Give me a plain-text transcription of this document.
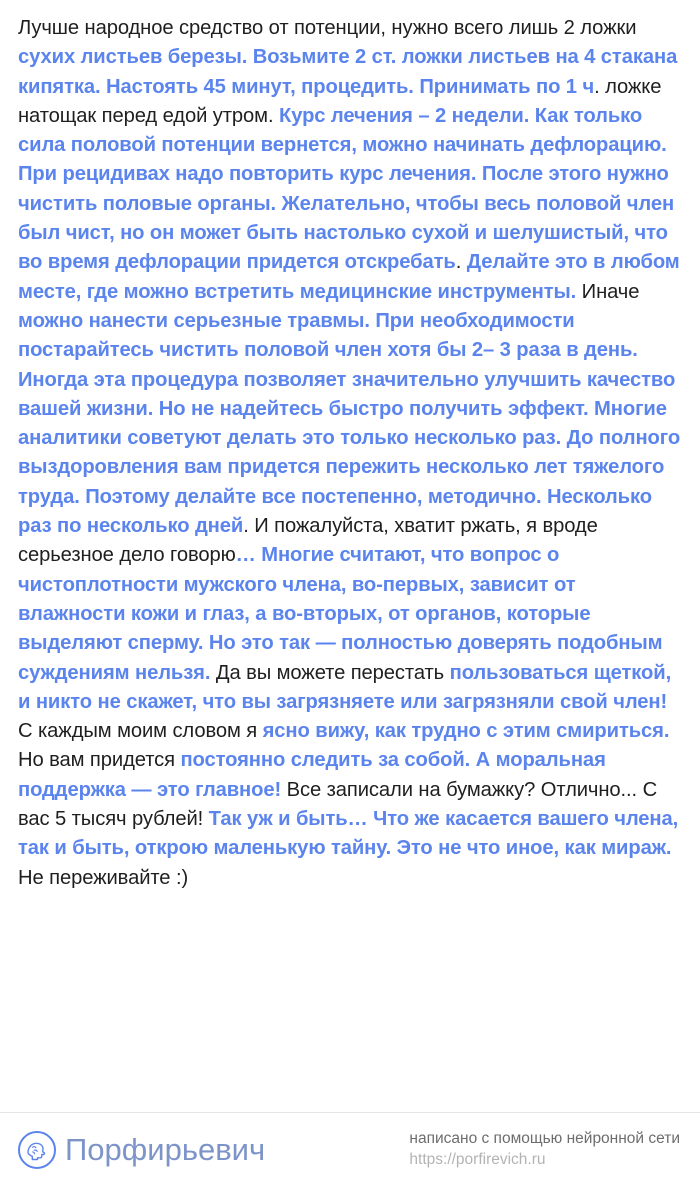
Лучше народное средство от потенции, нужно всего лишь 2 ложки сухих листьев березы. Возьмите 2 ст. ложки листьев на 4 стакана кипятка. Настоять 45 минут, процедить. Принимать по 1 ч. ложке натощак перед едой утром. Курс лечения – 2 недели. Как только сила половой потенции вернется, можно начинать дефлорацию. При рецидивах надо повторить курс лечения. После этого нужно чистить половые органы. Желательно, чтобы весь половой член был чист, но он может быть настолько сухой и шелушистый, что во время дефлорации придется отскребать. Делайте это в любом месте, где можно встретить медицинские инструменты. Иначе можно нанести серьезные травмы. При необходимости постарайтесь чистить половой член хотя бы 2– 3 раза в день. Иногда эта процедура позволяет значительно улучшить качество вашей жизни. Но не надейтесь быстро получить эффект. Многие аналитики советуют делать это только несколько раз. До полного выздоровления вам придется пережить несколько лет тяжелого труда. Поэтому делайте все постепенно, методично. Несколько раз по несколько дней. И пожалуйста, хватит ржать, я вроде серьезное дело говорю… Многие считают, что вопрос о чистоплотности мужского члена, во-первых, зависит от влажности кожи и глаз, а во-вторых, от органов, которые выделяют сперму. Но это так — полностью доверять подобным суждениям нельзя. Да вы можете перестать пользоваться щеткой, и никто не скажет, что вы загрязняете или загрязняли свой член! С каждым моим словом я ясно вижу, как трудно с этим смириться. Но вам придется постоянно следить за собой. А моральная поддержка — это главное! Все записали на бумажку? Отлично... С вас 5 тысяч рублей! Так уж и быть… Что же касается вашего члена, так и быть, открою маленькую тайну. Это не что иное, как мираж. Не переживайте :)
Порфирьевич	написано с помощью нейронной сети
https://porfirevich.ru
